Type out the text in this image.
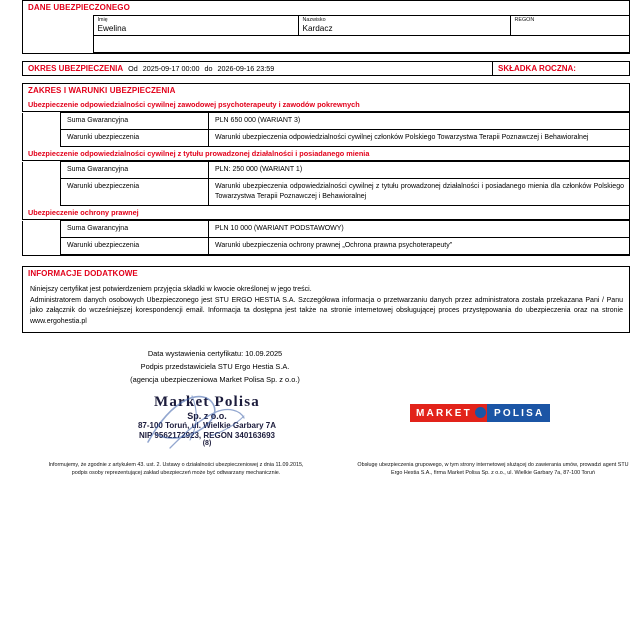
DANE UBEZPIECZONEGO

Imię
Ewelina

Nazwisko
Kardacz

REGON

OKRES UBEZPIECZENIA Od 2025-09-17 00:00 do 2026-09-16 23:59	SKŁADKA ROCZNA:
ZAKRES I WARUNKI UBEZPIECZENIA
Ubezpieczenie odpowiedzialności cywilnej zawodowej psychoterapeuty i zawodów pokrewnych
	Suma Gwarancyjna	PLN 650 000 (WARIANT 3)
	Warunki ubezpieczenia	Warunki ubezpieczenia odpowiedzialności cywilnej członków Polskiego Towarzystwa Terapii Poznawczej i Behawioralnej
Ubezpieczenie odpowiedzialności cywilnej z tytułu prowadzonej działalności i posiadanego mienia
	Suma Gwarancyjna	PLN: 250 000 (WARIANT 1)
	Warunki ubezpieczenia	Warunki ubezpieczenia odpowiedzialności cywilnej z tytułu prowadzonej działalności i posiadanego mienia dla członków Polskiego Towarzystwa Terapii Poznawczej i Behawioralnej
Ubezpieczenie ochrony prawnej
	Suma Gwarancyjna	PLN 10 000 (WARIANT PODSTAWOWY)
	Warunki ubezpieczenia	Warunki ubezpieczenia ochrony prawnej „Ochrona prawna psychoterapeuty”
INFORMACJE DODATKOWE
Niniejszy certyfikat jest potwierdzeniem przyjęcia składki w kwocie określonej w jego treści.
Administratorem danych osobowych Ubezpieczonego jest STU ERGO HESTIA S.A. Szczegółowa informacja o przetwarzaniu danych przez administratora została przekazana Pani / Panu jako załącznik do wcześniejszej korespondencji email. Informacja ta dostępna jest także na stronie internetowej obsługującej proces przystępowania do ubezpieczenia oraz na stronie www.ergohestia.pl
Data wystawienia certyfikatu: 10.09.2025
Podpis przedstawiciela STU Ergo Hestia S.A.
(agencja ubezpieczeniowa Market Polisa Sp. z o.o.)
Market Polisa
Sp. z o.o.
87-100 Toruń, ul. Wielkie Garbary 7A
NIP 9562172923, REGON 340163693
(8)
MARKET	POLISA
Informujemy, że zgodnie z artykułem 43. ust. 2. Ustawy o działalności ubezpieczeniowej z dnia 11.09.2015, podpis osoby reprezentującej zakład ubezpieczeń może być odtwarzany mechanicznie.
Obsługę ubezpieczenia grupowego, w tym strony internetowej służącej do zawierania umów, prowadzi agent STU Ergo Hestia S.A., firma Market Polisa Sp. z o.o., ul. Wielkie Garbary 7a, 87-100 Toruń
